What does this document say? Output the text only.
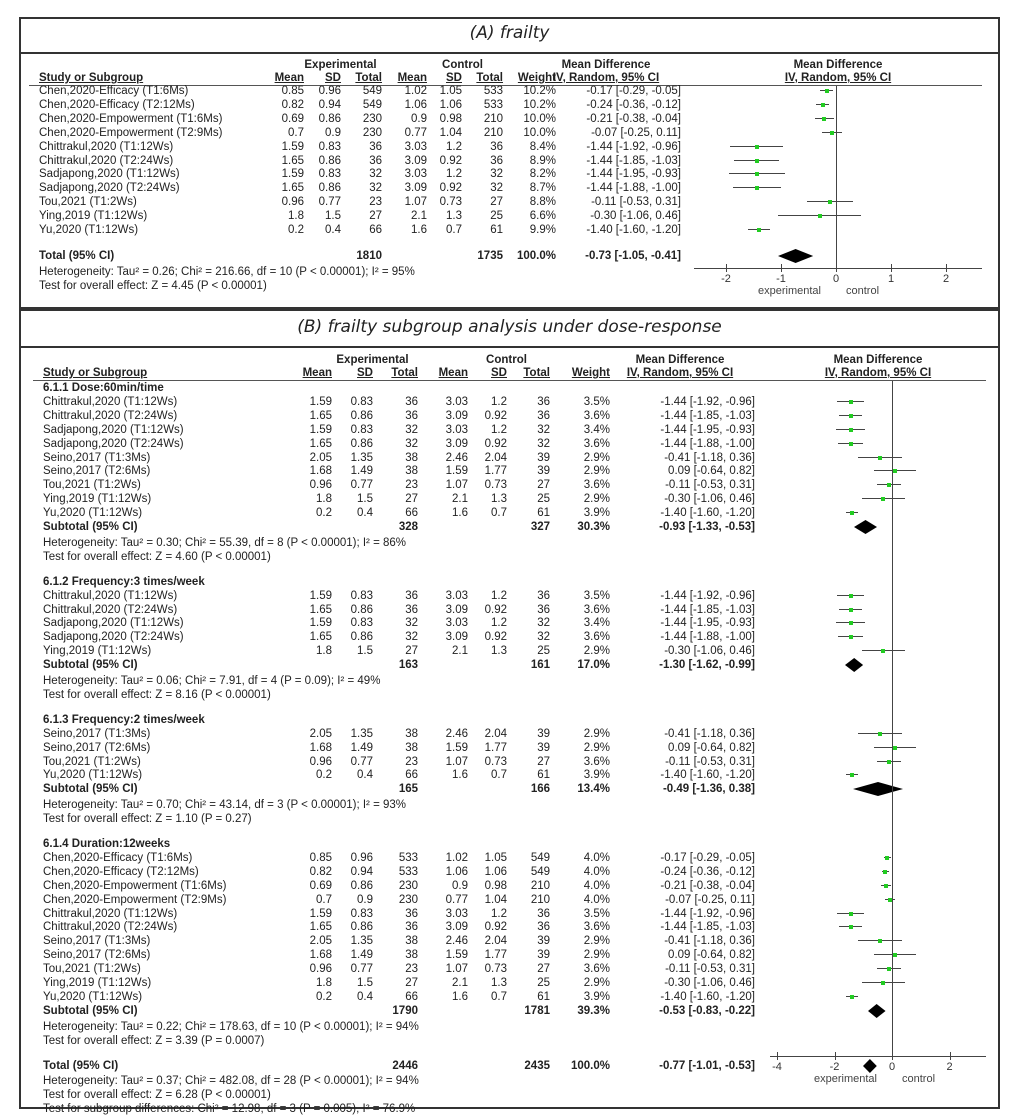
(A) frailty
Experimental	Control	Mean Difference	Mean Difference
Study or Subgroup	Mean	SD	Total	Mean	SD	Total	Weight
IV, Random, 95% CI	IV, Random, 95% CI
Chen,2020-Efficacy (T1:6Ms)	0.85	0.96	549	1.02	1.05	533	10.2%	-0.17 [-0.29, -0.05]
Chen,2020-Efficacy (T2:12Ms)	0.82	0.94	549	1.06	1.06	533	10.2%	-0.24 [-0.36, -0.12]
Chen,2020-Empowerment (T1:6Ms)	0.69	0.86	230	0.9	0.98	210	10.0%	-0.21 [-0.38, -0.04]
Chen,2020-Empowerment (T2:9Ms)	0.7	0.9	230	0.77	1.04	210	10.0%	-0.07 [-0.25, 0.11]
Chittrakul,2020 (T1:12Ws)	1.59	0.83	36	3.03	1.2	36	8.4%	-1.44 [-1.92, -0.96]
Chittrakul,2020 (T2:24Ws)	1.65	0.86	36	3.09	0.92	36	8.9%	-1.44 [-1.85, -1.03]
Sadjapong,2020 (T1:12Ws)	1.59	0.83	32	3.03	1.2	32	8.2%	-1.44 [-1.95, -0.93]
Sadjapong,2020 (T2:24Ws)	1.65	0.86	32	3.09	0.92	32	8.7%	-1.44 [-1.88, -1.00]
Tou,2021 (T1:2Ws)	0.96	0.77	23	1.07	0.73	27	8.8%	-0.11 [-0.53, 0.31]
Ying,2019 (T1:12Ws)	1.8	1.5	27	2.1	1.3	25	6.6%	-0.30 [-1.06, 0.46]
Yu,2020 (T1:12Ws)	0.2	0.4	66	1.6	0.7	61	9.9%	-1.40 [-1.60, -1.20]
Total (95% CI)	1810	1735	100.0%	-0.73 [-1.05, -0.41]
Heterogeneity: Tau² = 0.26; Chi² = 216.66, df = 10 (P < 0.00001); I² = 95%
Test for overall effect: Z = 4.45 (P < 0.00001)
-2	-1	0	1	2
experimental control
(B) frailty subgroup analysis under dose-response
Experimental	Control	Mean Difference	Mean Difference
Study or Subgroup	Mean	SD	Total	Mean	SD	Total	Weight	IV, Random, 95% CI	IV, Random, 95% CI
6.1.1 Dose:60min/time
Chittrakul,2020 (T1:12Ws)	1.59	0.83	36	3.03	1.2	36	3.5%	-1.44 [-1.92, -0.96]
Chittrakul,2020 (T2:24Ws)	1.65	0.86	36	3.09	0.92	36	3.6%	-1.44 [-1.85, -1.03]
Sadjapong,2020 (T1:12Ws)	1.59	0.83	32	3.03	1.2	32	3.4%	-1.44 [-1.95, -0.93]
Sadjapong,2020 (T2:24Ws)	1.65	0.86	32	3.09	0.92	32	3.6%	-1.44 [-1.88, -1.00]
Seino,2017 (T1:3Ms)	2.05	1.35	38	2.46	2.04	39	2.9%	-0.41 [-1.18, 0.36]
Seino,2017 (T2:6Ms)	1.68	1.49	38	1.59	1.77	39	2.9%	0.09 [-0.64, 0.82]
Tou,2021 (T1:2Ws)	0.96	0.77	23	1.07	0.73	27	3.6%	-0.11 [-0.53, 0.31]
Ying,2019 (T1:12Ws)	1.8	1.5	27	2.1	1.3	25	2.9%	-0.30 [-1.06, 0.46]
Yu,2020 (T1:12Ws)	0.2	0.4	66	1.6	0.7	61	3.9%	-1.40 [-1.60, -1.20]
Subtotal (95% CI)	328	327	30.3%	-0.93 [-1.33, -0.53]
Heterogeneity: Tau² = 0.30; Chi² = 55.39, df = 8 (P < 0.00001); I² = 86%
Test for overall effect: Z = 4.60 (P < 0.00001)
6.1.2 Frequency:3 times/week
Chittrakul,2020 (T1:12Ws)	1.59	0.83	36	3.03	1.2	36	3.5%	-1.44 [-1.92, -0.96]
Chittrakul,2020 (T2:24Ws)	1.65	0.86	36	3.09	0.92	36	3.6%	-1.44 [-1.85, -1.03]
Sadjapong,2020 (T1:12Ws)	1.59	0.83	32	3.03	1.2	32	3.4%	-1.44 [-1.95, -0.93]
Sadjapong,2020 (T2:24Ws)	1.65	0.86	32	3.09	0.92	32	3.6%	-1.44 [-1.88, -1.00]
Ying,2019 (T1:12Ws)	1.8	1.5	27	2.1	1.3	25	2.9%	-0.30 [-1.06, 0.46]
Subtotal (95% CI)	163	161	17.0%	-1.30 [-1.62, -0.99]
Heterogeneity: Tau² = 0.06; Chi² = 7.91, df = 4 (P = 0.09); I² = 49%
Test for overall effect: Z = 8.16 (P < 0.00001)
6.1.3 Frequency:2 times/week
Seino,2017 (T1:3Ms)	2.05	1.35	38	2.46	2.04	39	2.9%	-0.41 [-1.18, 0.36]
Seino,2017 (T2:6Ms)	1.68	1.49	38	1.59	1.77	39	2.9%	0.09 [-0.64, 0.82]
Tou,2021 (T1:2Ws)	0.96	0.77	23	1.07	0.73	27	3.6%	-0.11 [-0.53, 0.31]
Yu,2020 (T1:12Ws)	0.2	0.4	66	1.6	0.7	61	3.9%	-1.40 [-1.60, -1.20]
Subtotal (95% CI)	165	166	13.4%	-0.49 [-1.36, 0.38]
Heterogeneity: Tau² = 0.70; Chi² = 43.14, df = 3 (P < 0.00001); I² = 93%
Test for overall effect: Z = 1.10 (P = 0.27)
6.1.4 Duration:12weeks
Chen,2020-Efficacy (T1:6Ms)	0.85	0.96	533	1.02	1.05	549	4.0%	-0.17 [-0.29, -0.05]
Chen,2020-Efficacy (T2:12Ms)	0.82	0.94	533	1.06	1.06	549	4.0%	-0.24 [-0.36, -0.12]
Chen,2020-Empowerment (T1:6Ms)	0.69	0.86	230	0.9	0.98	210	4.0%	-0.21 [-0.38, -0.04]
Chen,2020-Empowerment (T2:9Ms)	0.7	0.9	230	0.77	1.04	210	4.0%	-0.07 [-0.25, 0.11]
Chittrakul,2020 (T1:12Ws)	1.59	0.83	36	3.03	1.2	36	3.5%	-1.44 [-1.92, -0.96]
Chittrakul,2020 (T2:24Ws)	1.65	0.86	36	3.09	0.92	36	3.6%	-1.44 [-1.85, -1.03]
Seino,2017 (T1:3Ms)	2.05	1.35	38	2.46	2.04	39	2.9%	-0.41 [-1.18, 0.36]
Seino,2017 (T2:6Ms)	1.68	1.49	38	1.59	1.77	39	2.9%	0.09 [-0.64, 0.82]
Tou,2021 (T1:2Ws)	0.96	0.77	23	1.07	0.73	27	3.6%	-0.11 [-0.53, 0.31]
Ying,2019 (T1:12Ws)	1.8	1.5	27	2.1	1.3	25	2.9%	-0.30 [-1.06, 0.46]
Yu,2020 (T1:12Ws)	0.2	0.4	66	1.6	0.7	61	3.9%	-1.40 [-1.60, -1.20]
Subtotal (95% CI)	1790	1781	39.3%	-0.53 [-0.83, -0.22]
Heterogeneity: Tau² = 0.22; Chi² = 178.63, df = 10 (P < 0.00001); I² = 94%
Test for overall effect: Z = 3.39 (P = 0.0007)
Total (95% CI)	2446	2435	100.0%	-0.77 [-1.01, -0.53]
Heterogeneity: Tau² = 0.37; Chi² = 482.08, df = 28 (P < 0.00001); I² = 94%
Test for overall effect: Z = 6.28 (P < 0.00001)
Test for subgroup differences: Chi² = 12.98, df = 3 (P = 0.005), I² = 76.9%
-4	-2	0	2
experimental control
